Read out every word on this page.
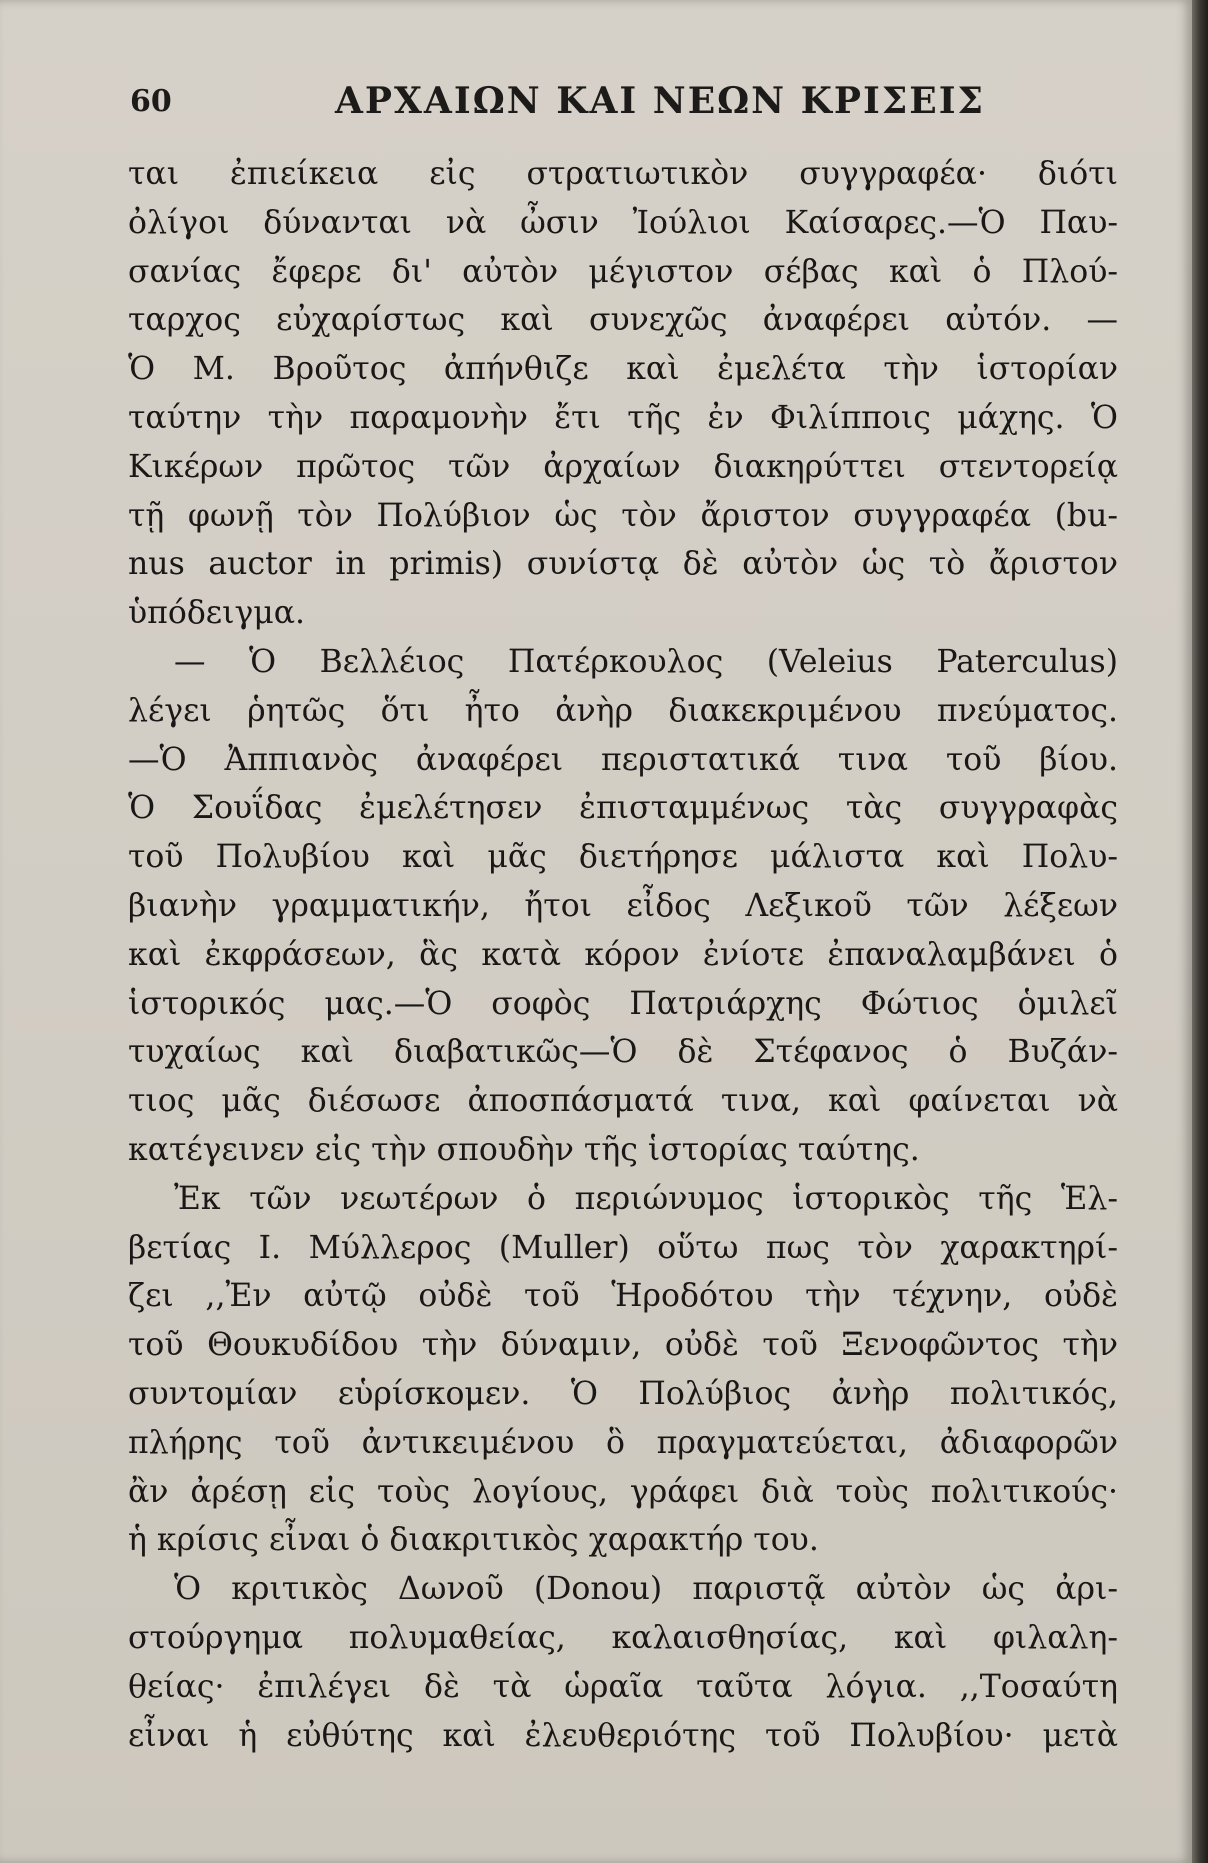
60	ΑΡΧΑΙΩΝ ΚΑΙ ΝΕΩΝ ΚΡΙΣΕΙΣ
ται ἐπιείκεια εἰς στρατιωτικὸν συγγραφέα· διότι
ὀλίγοι δύνανται νὰ ὦσιν Ἰούλιοι Καίσαρες.—Ὁ Παυ-
σανίας ἔφερε δι' αὐτὸν μέγιστον σέβας καὶ ὁ Πλού-
ταρχος εὐχαρίστως καὶ συνεχῶς ἀναφέρει αὐτόν. —
Ὁ Μ. Βροῦτος ἀπήνθιζε καὶ ἐμελέτα τὴν ἱστορίαν
ταύτην τὴν παραμονὴν ἔτι τῆς ἐν Φιλίπποις μάχης. Ὁ
Κικέρων πρῶτος τῶν ἀρχαίων διακηρύττει στεντορείᾳ
τῇ φωνῇ τὸν Πολύβιον ὡς τὸν ἄριστον συγγραφέα (bu-
nus auctor in primis) συνίστᾳ δὲ αὐτὸν ὡς τὸ ἄριστον
ὑπόδειγμα.
— Ὁ Βελλέιος Πατέρκουλος (Veleius Paterculus)
λέγει ῥητῶς ὅτι ἦτο ἀνὴρ διακεκριμένου πνεύματος.
—Ὁ Ἀππιανὸς ἀναφέρει περιστατικά τινα τοῦ βίου.
Ὁ Σουΐδας ἐμελέτησεν ἐπισταμμένως τὰς συγγραφὰς
τοῦ Πολυβίου καὶ μᾶς διετήρησε μάλιστα καὶ Πολυ-
βιανὴν γραμματικήν, ἤτοι εἶδος Λεξικοῦ τῶν λέξεων
καὶ ἐκφράσεων, ἃς κατὰ κόρον ἐνίοτε ἐπαναλαμβάνει ὁ
ἱστορικός μας.—Ὁ σοφὸς Πατριάρχης Φώτιος ὁμιλεῖ
τυχαίως καὶ διαβατικῶς—Ὁ δὲ Στέφανος ὁ Βυζάν-
τιος μᾶς διέσωσε ἀποσπάσματά τινα, καὶ φαίνεται νὰ
κατέγεινεν εἰς τὴν σπουδὴν τῆς ἱστορίας ταύτης.
Ἐκ τῶν νεωτέρων ὁ περιώνυμος ἱστορικὸς τῆς Ἑλ-
βετίας Ι. Μύλλερος (Muller) οὕτω πως τὸν χαρακτηρί-
ζει ,,Ἐν αὐτῷ οὐδὲ τοῦ Ἡροδότου τὴν τέχνην, οὐδὲ
τοῦ Θουκυδίδου τὴν δύναμιν, οὐδὲ τοῦ Ξενοφῶντος τὴν
συντομίαν εὑρίσκομεν. Ὁ Πολύβιος ἀνὴρ πολιτικός,
πλήρης τοῦ ἀντικειμένου ὃ πραγματεύεται, ἀδιαφορῶν
ἂν ἀρέσῃ εἰς τοὺς λογίους, γράφει διὰ τοὺς πολιτικούς·
ἡ κρίσις εἶναι ὁ διακριτικὸς χαρακτήρ του.
Ὁ κριτικὸς Δωνοῦ (Donou) παριστᾷ αὐτὸν ὡς ἀρι-
στούργημα πολυμαθείας, καλαισθησίας, καὶ φιλαλη-
θείας· ἐπιλέγει δὲ τὰ ὡραῖα ταῦτα λόγια. ,,Τοσαύτη
εἶναι ἡ εὐθύτης καὶ ἐλευθεριότης τοῦ Πολυβίου· μετὰ
